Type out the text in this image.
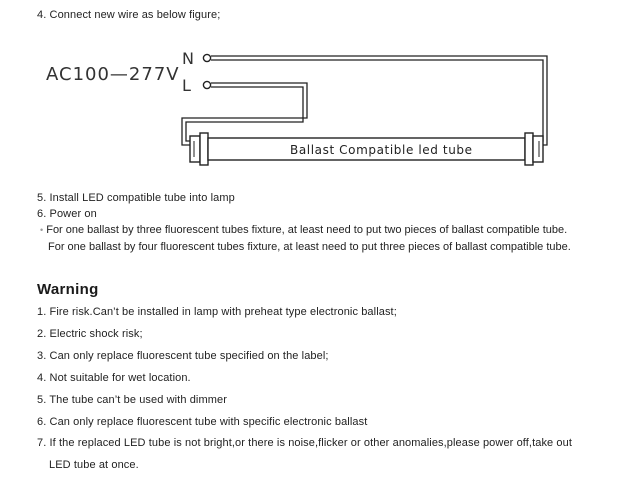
4. Connect new wire as below figure;
AC100—277V
N
L
Ballast Compatible led tube
5. Install LED compatible tube into lamp
6. Power on
• For one ballast by three fluorescent tubes fixture, at least need to put two pieces of ballast compatible tube.
For one ballast by four fluorescent tubes fixture, at least need to put three pieces of ballast compatible tube.
Warning
1. Fire risk.Can’t be installed in lamp with preheat type electronic ballast;
2. Electric shock risk;
3. Can only replace fluorescent tube specified on the label;
4. Not suitable for wet location.
5. The tube can’t be used with dimmer
6. Can only replace fluorescent tube with specific electronic ballast
7. If the replaced LED tube is not bright,or there is noise,flicker or other anomalies,please power off,take out
LED tube at once.
